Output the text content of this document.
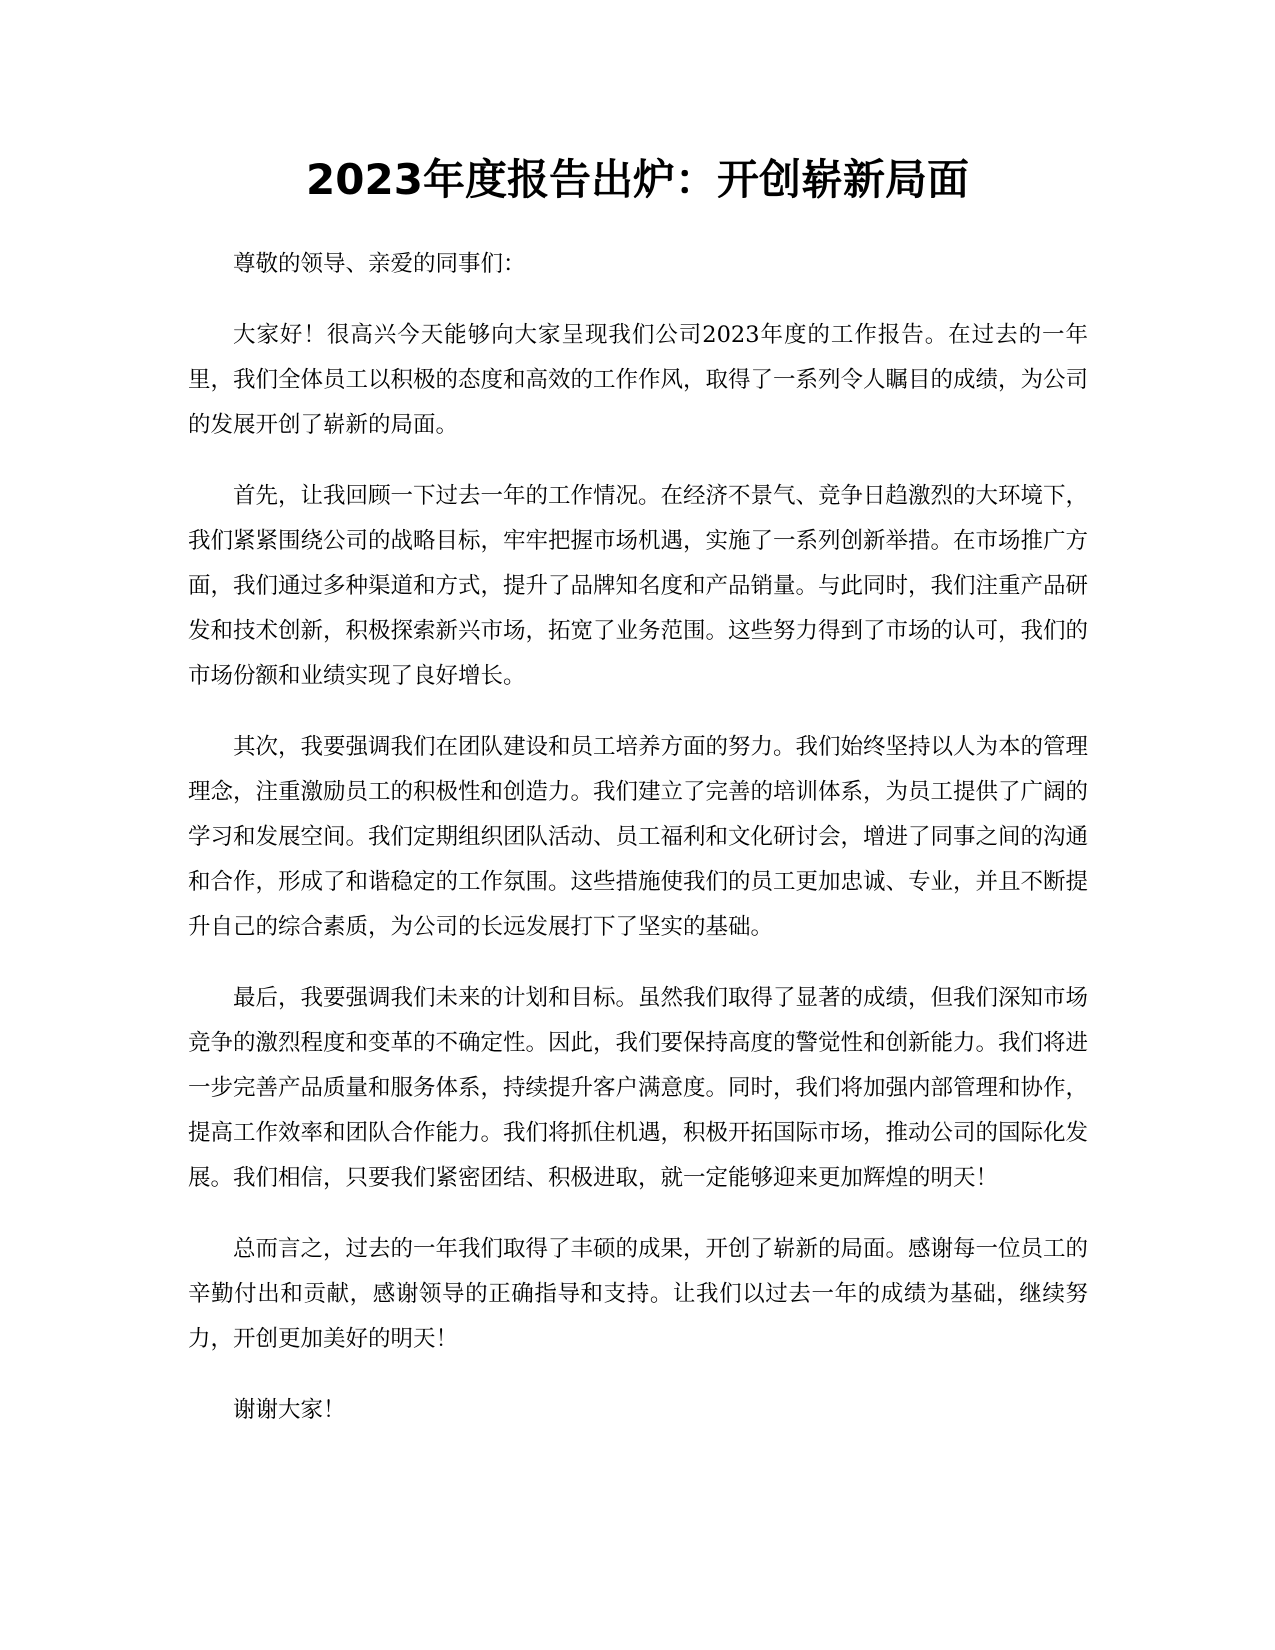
2023年度报告出炉：开创崭新局面

尊敬的领导、亲爱的同事们：

大家好！很高兴今天能够向大家呈现我们公司2023年度的工作报告。在过去的一年里，我们全体员工以积极的态度和高效的工作作风，取得了一系列令人瞩目的成绩，为公司的发展开创了崭新的局面。

首先，让我回顾一下过去一年的工作情况。在经济不景气、竞争日趋激烈的大环境下，我们紧紧围绕公司的战略目标，牢牢把握市场机遇，实施了一系列创新举措。在市场推广方面，我们通过多种渠道和方式，提升了品牌知名度和产品销量。与此同时，我们注重产品研发和技术创新，积极探索新兴市场，拓宽了业务范围。这些努力得到了市场的认可，我们的市场份额和业绩实现了良好增长。

其次，我要强调我们在团队建设和员工培养方面的努力。我们始终坚持以人为本的管理理念，注重激励员工的积极性和创造力。我们建立了完善的培训体系，为员工提供了广阔的学习和发展空间。我们定期组织团队活动、员工福利和文化研讨会，增进了同事之间的沟通和合作，形成了和谐稳定的工作氛围。这些措施使我们的员工更加忠诚、专业，并且不断提升自己的综合素质，为公司的长远发展打下了坚实的基础。

最后，我要强调我们未来的计划和目标。虽然我们取得了显著的成绩，但我们深知市场竞争的激烈程度和变革的不确定性。因此，我们要保持高度的警觉性和创新能力。我们将进一步完善产品质量和服务体系，持续提升客户满意度。同时，我们将加强内部管理和协作，提高工作效率和团队合作能力。我们将抓住机遇，积极开拓国际市场，推动公司的国际化发展。我们相信，只要我们紧密团结、积极进取，就一定能够迎来更加辉煌的明天！

总而言之，过去的一年我们取得了丰硕的成果，开创了崭新的局面。感谢每一位员工的辛勤付出和贡献，感谢领导的正确指导和支持。让我们以过去一年的成绩为基础，继续努力，开创更加美好的明天！

谢谢大家！
